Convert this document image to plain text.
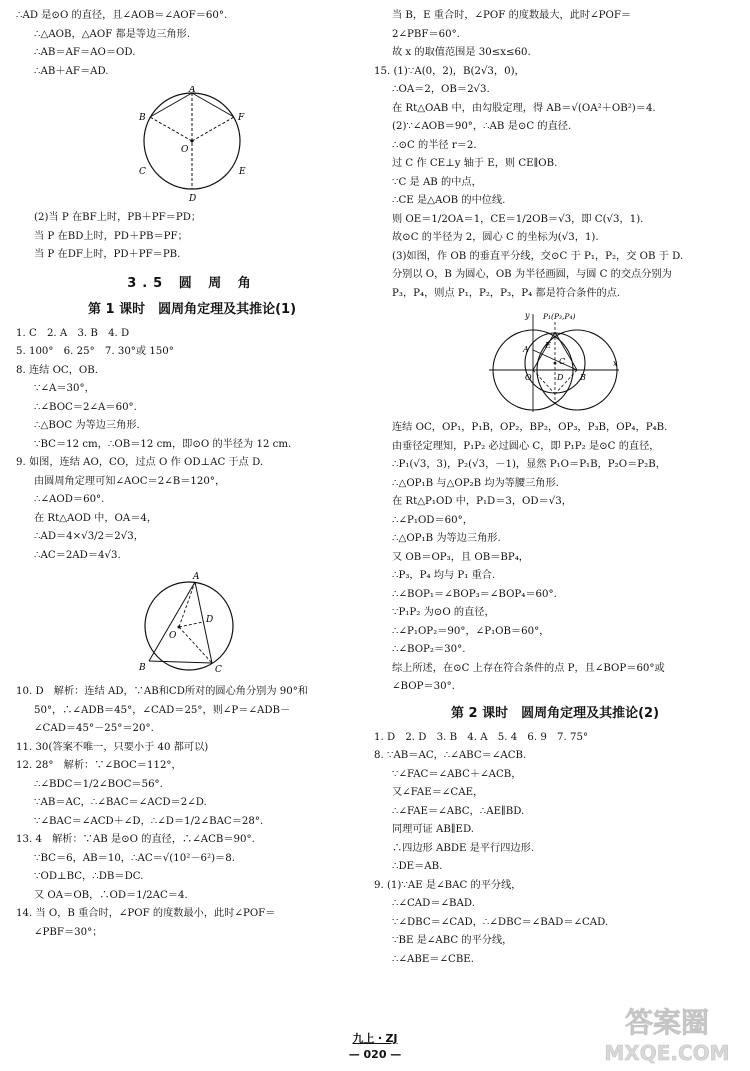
∴AD 是⊙O 的直径，且∠AOB＝∠AOF＝60°.

∴△AOB，△AOF 都是等边三角形.

∴AB＝AF＝AO＝OD.

∴AB＋AF＝AD.

A
B	F
O
C	E
D

(2)当 P 在BF上时，PB＋PF＝PD；

当 P 在BD上时，PD＋PB＝PF；

当 P 在DF上时，PD＋PF＝PB.

3.5 圆 周 角
第 1 课时　圆周角定理及其推论(1)

1. C　2. A　3. B　4. D

5. 100°　6. 25°　7. 30°或 150°

8. 连结 OC，OB.

∵∠A＝30°，

∴∠BOC＝2∠A＝60°.

∴△BOC 为等边三角形.

∵BC＝12 cm，∴OB＝12 cm，即⊙O 的半径为 12 cm.

9. 如图，连结 AO，CO，过点 O 作 OD⊥AC 于点 D.

由圆周角定理可知∠AOC＝2∠B＝120°，

∴∠AOD＝60°.

在 Rt△AOD 中，OA＝4，

∴AD＝4×√3/2＝2√3，

∴AC＝2AD＝4√3.

A
B	C
D
O

10. D　解析：连结 AD，∵AB和CD所对的圆心角分别为 90°和

50°，∴∠ADB＝45°，∠CAD＝25°，则∠P＝∠ADB－

∠CAD＝45°－25°＝20°.

11. 30(答案不唯一，只要小于 40 都可以)

12. 28°　解析：∵∠BOC＝112°，

∴∠BDC＝1/2∠BOC＝56°.

∵AB＝AC，∴∠BAC＝∠ACD＝2∠D.

∵∠BAC＝∠ACD＋∠D，∴∠D＝1/2∠BAC＝28°.

13. 4　解析：∵AB 是⊙O 的直径，∴∠ACB＝90°.

∵BC＝6，AB＝10，∴AC＝√(10²－6²)＝8.

∵OD⊥BC，∴DB＝DC.

又 OA＝OB，∴OD＝1/2AC＝4.

14. 当 O，B 重合时，∠POF 的度数最小，此时∠POF＝

∠PBF＝30°；

当 B，E 重合时，∠POF 的度数最大，此时∠POF＝

2∠PBF＝60°.

故 x 的取值范围是 30≤x≤60.

15. (1)∵A(0，2)，B(2√3，0)，

∴OA＝2，OB＝2√3.

在 Rt△OAB 中，由勾股定理，得 AB＝√(OA²＋OB²)＝4.

(2)∵∠AOB＝90°，∴AB 是⊙C 的直径.

∴⊙C 的半径 r＝2.

过 C 作 CE⊥y 轴于 E，则 CE∥OB.

∵C 是 AB 的中点，

∴CE 是△AOB 的中位线.

则 OE＝1/2OA＝1，CE＝1/2OB＝√3，即 C(√3，1).

故⊙C 的半径为 2，圆心 C 的坐标为(√3，1).

(3)如图，作 OB 的垂直平分线，交⊙C 于 P₁，P₂，交 OB 于 D.

分别以 O，B 为圆心，OB 为半径画圆，与圆 C 的交点分别为

P₃，P₄，则点 P₁，P₂，P₃，P₄ 都是符合条件的点.

y
x
P₁(P₃,P₄)
A E
C
O	D B

连结 OC，OP₁，P₁B，OP₂，BP₂，OP₃，P₃B，OP₄，P₄B.

由垂径定理知，P₁P₂ 必过圆心 C，即 P₁P₂ 是⊙C 的直径，

∴P₁(√3，3)，P₂(√3，－1)，显然 P₁O＝P₁B，P₂O＝P₂B，

∴△OP₁B 与△OP₂B 均为等腰三角形.

在 Rt△P₁OD 中，P₁D＝3，OD＝√3，

∴∠P₁OD＝60°，

∴△OP₁B 为等边三角形.

又 OB＝OP₃，且 OB＝BP₄，

∴P₃，P₄ 均与 P₁ 重合.

∴∠BOP₁＝∠BOP₃＝∠BOP₄＝60°.

∵P₁P₂ 为⊙O 的直径，

∴∠P₁OP₂＝90°，∠P₁OB＝60°，

∴∠BOP₂＝30°.

综上所述，在⊙C 上存在符合条件的点 P，且∠BOP＝60°或

∠BOP＝30°.

第 2 课时　圆周角定理及其推论(2)

1. D　2. D　3. B　4. A　5. 4　6. 9　7. 75°

8. ∵AB＝AC，∴∠ABC＝∠ACB.

∵∠FAC＝∠ABC＋∠ACB，

又∠FAE＝∠CAE，

∴∠FAE＝∠ABC，∴AE∥BD.

同理可证 AB∥ED.

∴四边形 ABDE 是平行四边形.

∴DE＝AB.

9. (1)∵AE 是∠BAC 的平分线，

∴∠CAD＝∠BAD.

∵∠DBC＝∠CAD，∴∠DBC＝∠BAD＝∠CAD.

∵BE 是∠ABC 的平分线，

∴∠ABE＝∠CBE.

九上・ZJ
— 020 —
答案圈
MXQE.COM
